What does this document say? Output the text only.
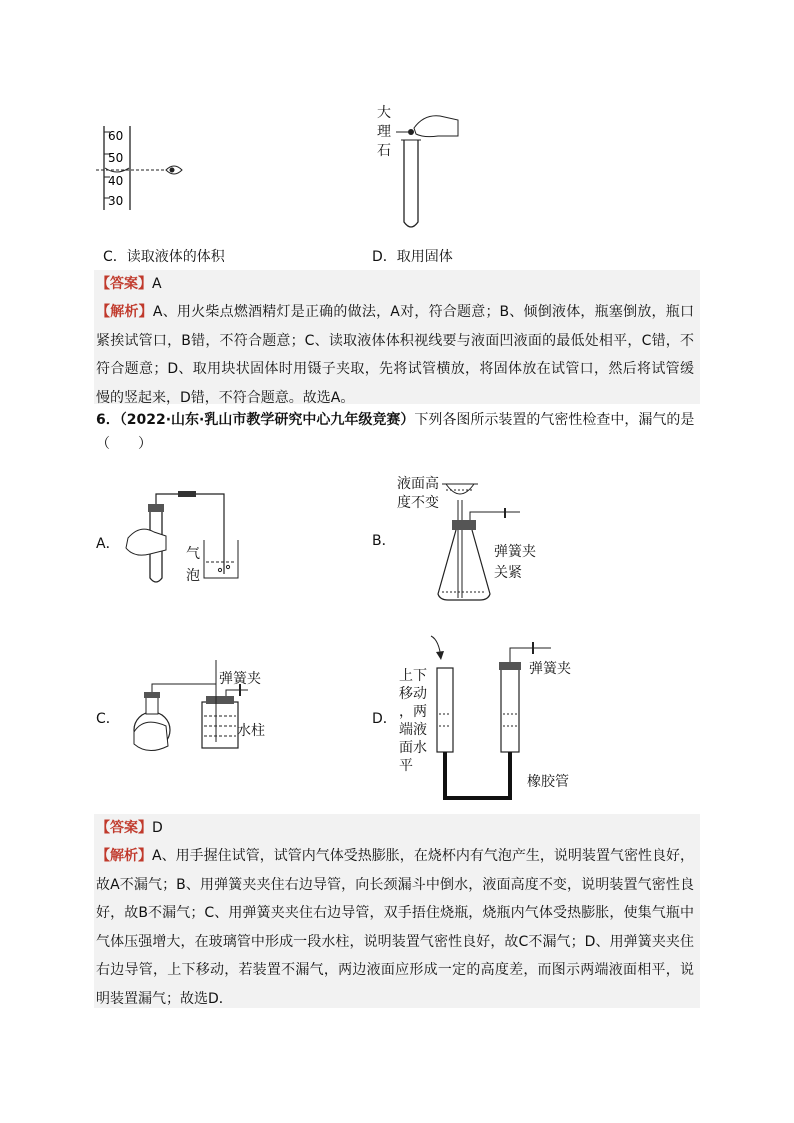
60
50
40
30
C．读取液体的体积
大
理
石
D．取用固体
【答案】A
【解析】A、用火柴点燃酒精灯是正确的做法，A对，符合题意；B、倾倒液体，瓶塞倒放，瓶口紧挨试管口，B错，不符合题意；C、读取液体体积视线要与液面凹液面的最低处相平，C错，不符合题意；D、取用块状固体时用镊子夹取，先将试管横放，将固体放在试管口，然后将试管缓慢的竖起来，D错，不符合题意。故选A。
6．（2022·山东·乳山市教学研究中心九年级竞赛）下列各图所示装置的气密性检查中，漏气的是
（　　）
A．
气
泡
B．
液面高
度不变
弹簧夹
关紧
C．
弹簧夹
水柱
D．
上下
移动
，两
端液
面水
平
弹簧夹
橡胶管
【答案】D
【解析】A、用手握住试管，试管内气体受热膨胀，在烧杯内有气泡产生，说明装置气密性良好，故A不漏气；B、用弹簧夹夹住右边导管，向长颈漏斗中倒水，液面高度不变，说明装置气密性良好，故B不漏气；C、用弹簧夹夹住右边导管，双手捂住烧瓶，烧瓶内气体受热膨胀，使集气瓶中气体压强增大，在玻璃管中形成一段水柱，说明装置气密性良好，故C不漏气；D、用弹簧夹夹住右边导管，上下移动，若装置不漏气，两边液面应形成一定的高度差，而图示两端液面相平，说明装置漏气；故选D．
